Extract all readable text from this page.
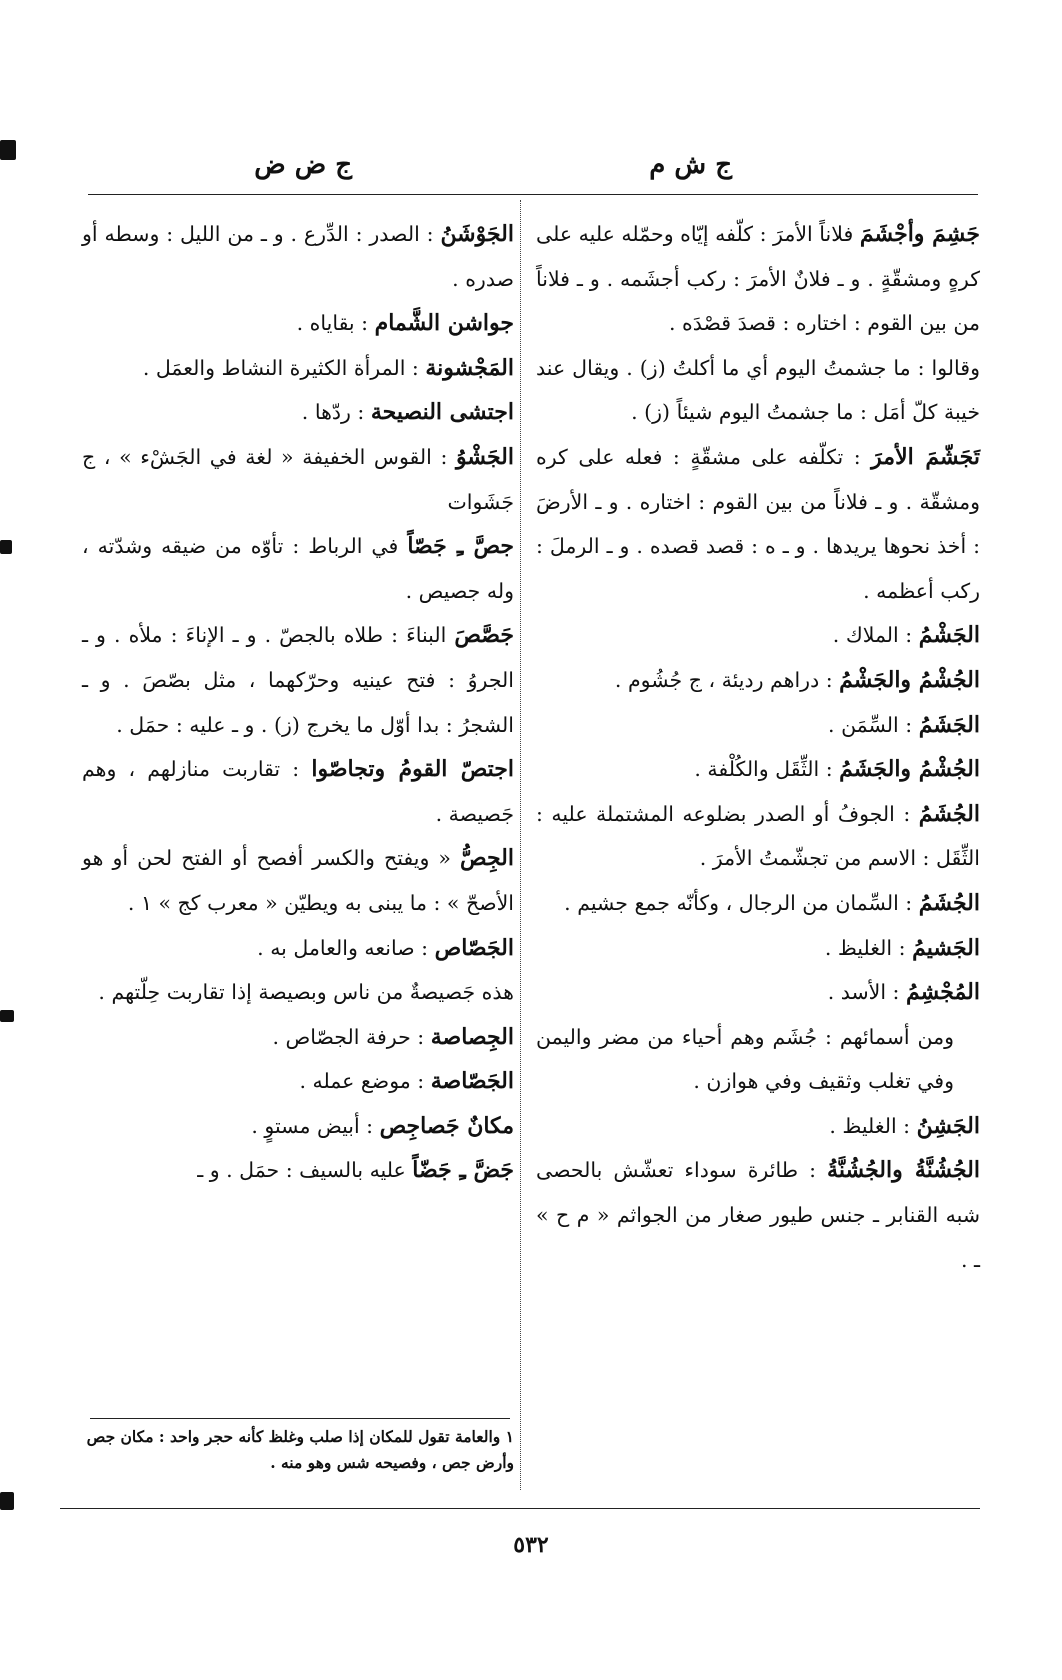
ج ش م
ج ض ض

جَشِمَ وأجْشَمَ فلاناً الأمرَ : كلّفه إيّاه وحمّله عليه على كرهٍ ومشقّةٍ . و ـ فلانٌ الأمرَ : ركب أجشَمه . و ـ فلاناً من بين القوم : اختاره : قصدَ قصْدَه .

وقالوا : ما جشمتُ اليوم أي ما أكلتُ (ز) . ويقال عند خيبة كلّ أمَل : ما جشمتُ اليوم شيئاً (ز) .

تَجَشّمَ الأمرَ : تكلّفه على مشقّةٍ : فعله على كره ومشقّة . و ـ فلاناً من بين القوم : اختاره . و ـ الأرضَ : أخذ نحوها يريدها . و ـ ه : قصد قصده . و ـ الرملَ : ركب أعظمه .

الجَشْمُ : الملاك .

الجُشْمُ والجَشْمُ : دراهم رديئة ، ج جُشُوم .

الجَشَمُ : السِّمَن .

الجُشْمُ والجَشَمُ : الثِّقَل والكُلْفة .

الجُشَمُ : الجوفُ أو الصدر بضلوعه المشتملة عليه : الثِّقَل : الاسم من تجشّمتُ الأمرَ .

الجُشَمُ : السِّمان من الرجال ، وكأنّه جمع جشيم .

الجَشيمُ : الغليظ .

المُجْشِمُ : الأسد .

ومن أسمائهم : جُشَم وهم أحياء من مضر واليمن وفي تغلب وثقيف وفي هوازن .

الجَشِنُ : الغليظ .

الجُشُنَّةُ والجُشُنَّةُ : طائرة سوداء تعشّش بالحصى شبه القنابر ـ جنس طيور صغار من الجواثم « م ح » ـ .

الجَوْشَنُ : الصدر : الدِّرع . و ـ من الليل : وسطه أو صدره .

جواشن الشَّمام : بقاياه .

المَجْشونة : المرأة الكثيرة النشاط والعمَل .

اجتشى النصيحة : ردّها .

الجَشْوُ : القوس الخفيفة « لغة في الجَشْء » ، ج جَشَوات

جصَّ ـِ جَصّاً في الرباط : تأوّه من ضيقه وشدّته ، وله جصيص .

جَصَّصَ البناءَ : طلاه بالجصّ . و ـ الإناءَ : ملأه . و ـ الجروُ : فتح عينيه وحرّكهما ، مثل بصّصَ . و ـ الشجرُ : بدا أوّل ما يخرج (ز) . و ـ عليه : حمَل .

اجتصّ القومُ وتجاصّوا : تقاربت منازلهم ، وهم جَصيصة .

الجِصُّ « ويفتح والكسر أفصح أو الفتح لحن أو هو الأصحّ » : ما يبنى به ويطيّن « معرب كج » ١ .

الجَصّاص : صانعه والعامل به .

هذه جَصيصةٌ من ناس وبصيصة إذا تقاربت حِلّتهم .

الجِصاصة : حرفة الجصّاص .

الجَصّاصة : موضع عمله .

مكانٌ جَصاجِص : أبيض مستوٍ .

جَضَّ ـِ جَضّاً عليه بالسيف : حمَل . و ـ

١ والعامة تقول للمكان إذا صلب وغلظ كأنه حجر واحد : مكان جص وأرض جص ، وفصيحه شس وهو منه .
٥٣٢
